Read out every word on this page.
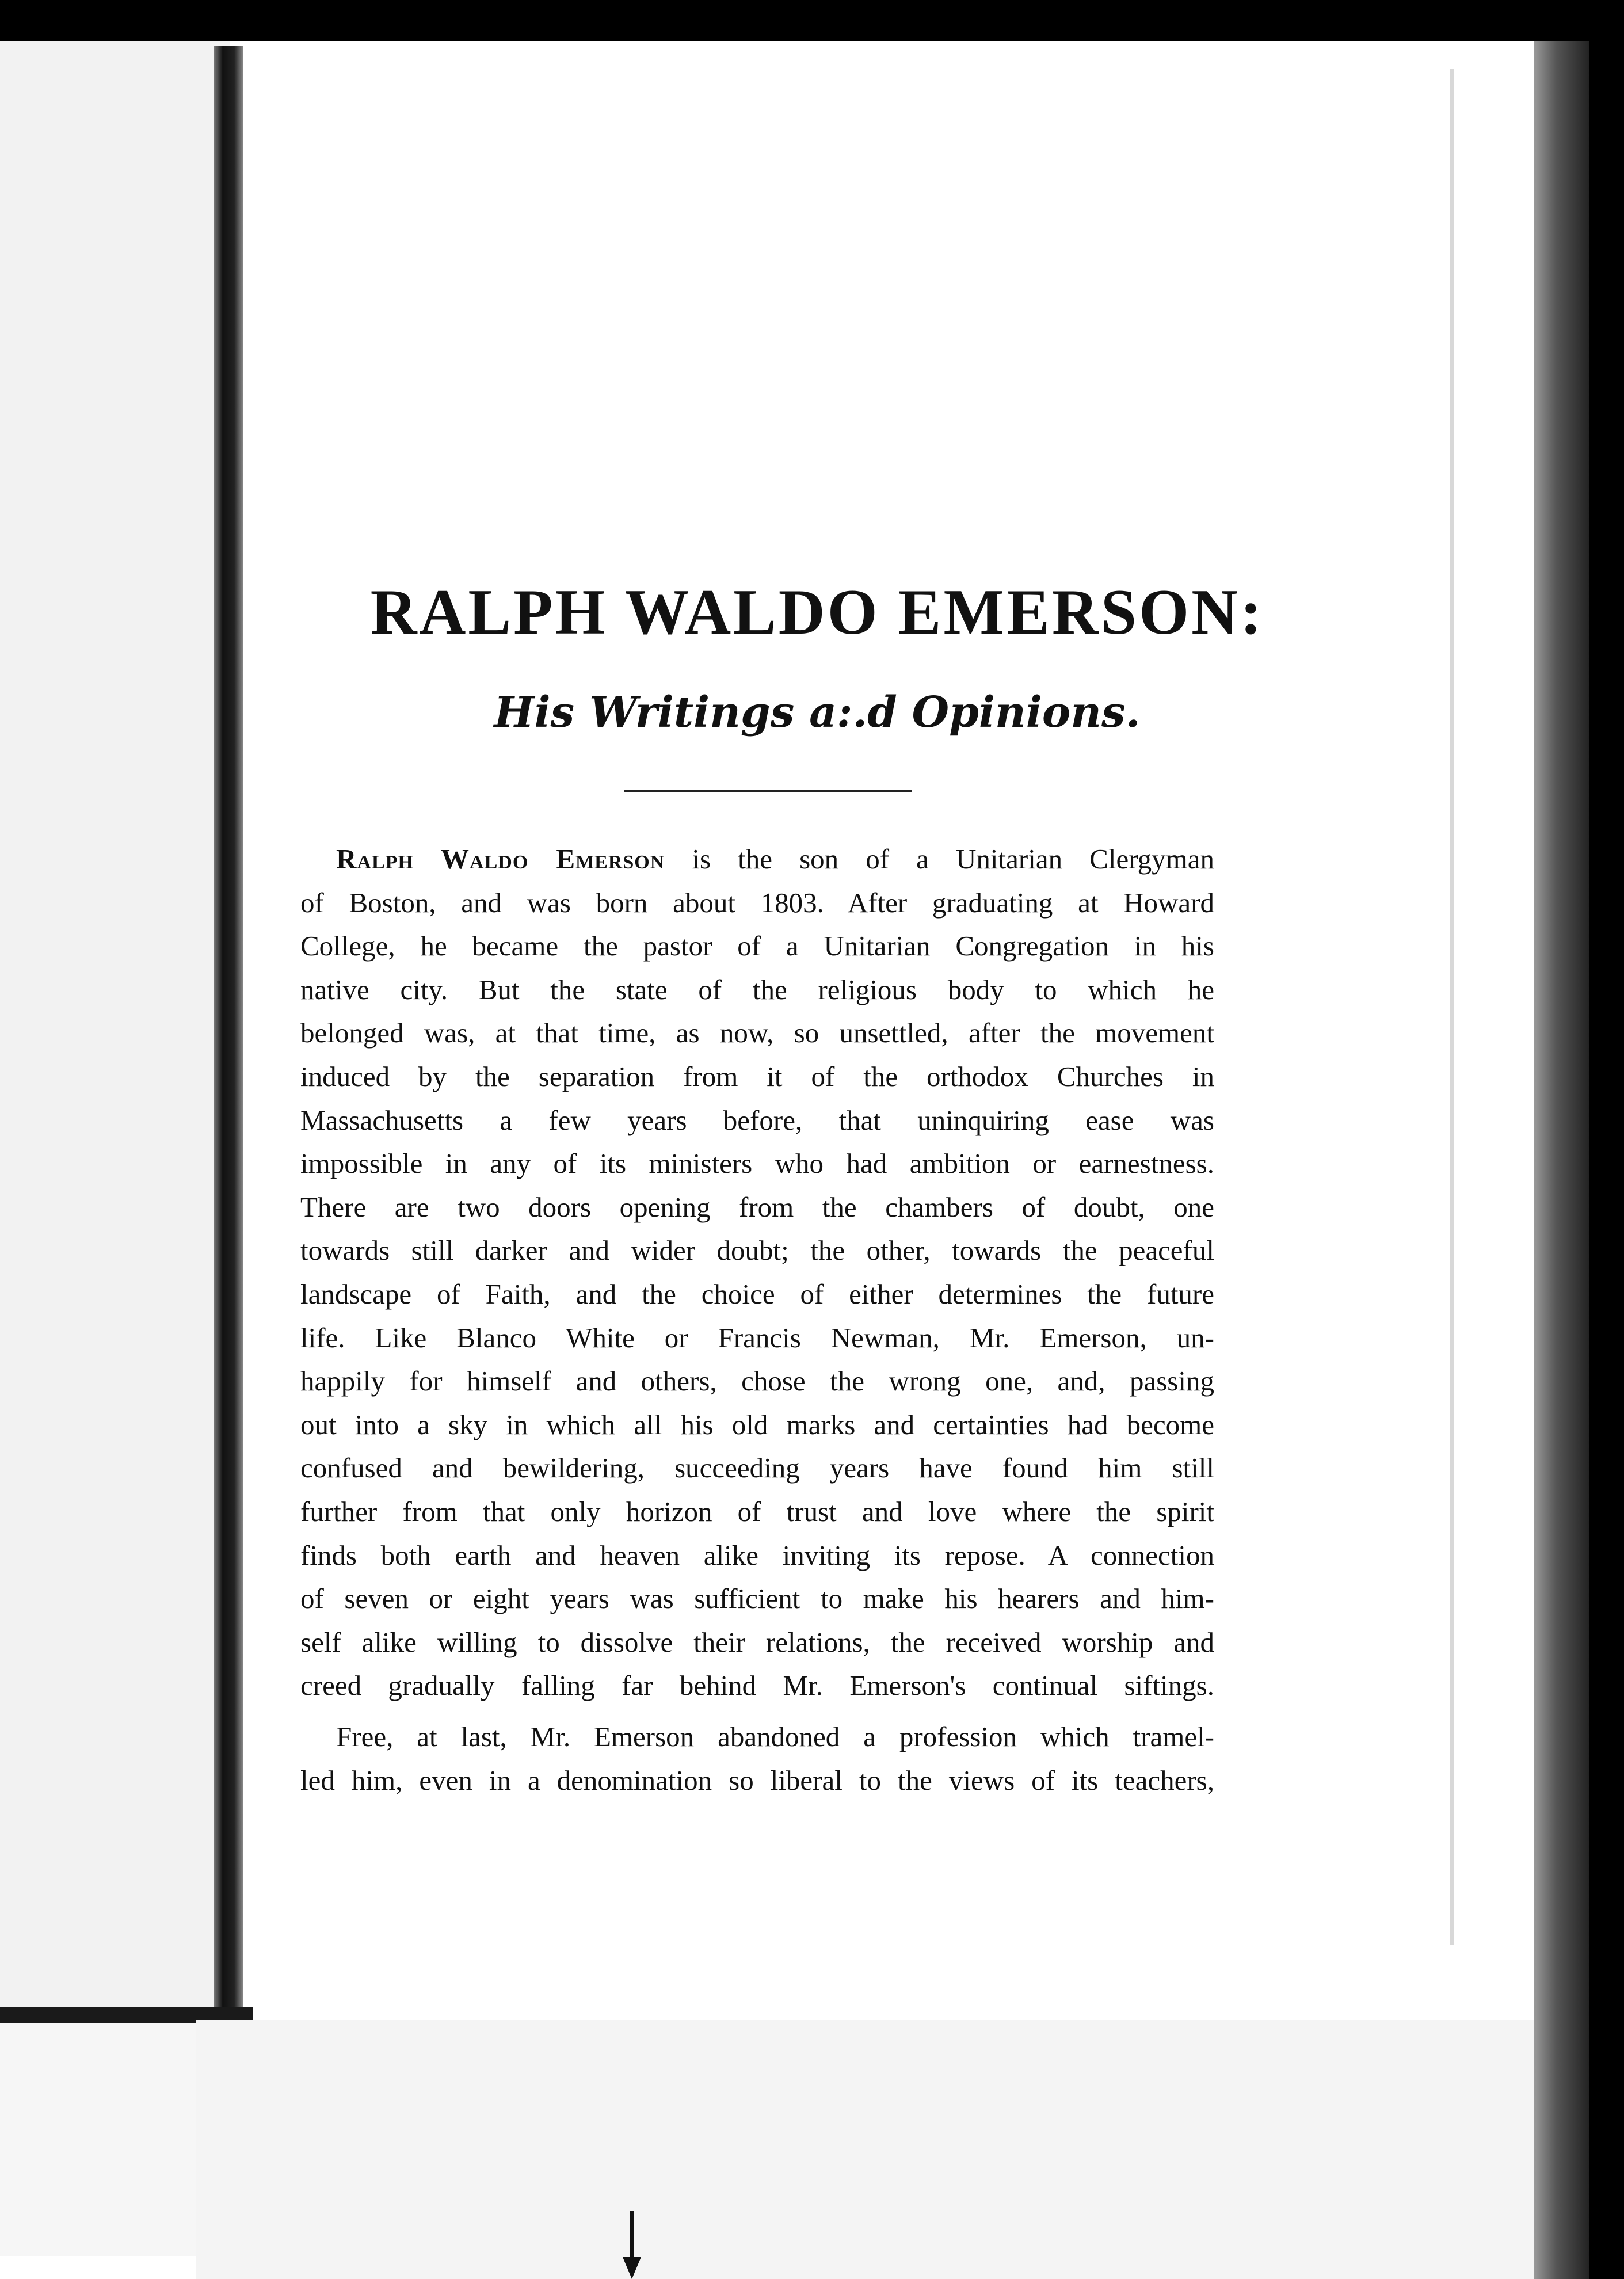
RALPH WALDO EMERSON:
His Writings a:.d Opinions.
Ralph Waldo Emerson is the son of a Unitarian Clergyman
of Boston, and was born about 1803. After graduating at Howard
College, he became the pastor of a Unitarian Congregation in his
native city. But the state of the religious body to which he
belonged was, at that time, as now, so unsettled, after the movement
induced by the separation from it of the orthodox Churches in
Massachusetts a few years before, that uninquiring ease was
impossible in any of its ministers who had ambition or earnestness.
There are two doors opening from the chambers of doubt, one
towards still darker and wider doubt; the other, towards the peaceful
landscape of Faith, and the choice of either determines the future
life. Like Blanco White or Francis Newman, Mr. Emerson, un-
happily for himself and others, chose the wrong one, and, passing
out into a sky in which all his old marks and certainties had become
confused and bewildering, succeeding years have found him still
further from that only horizon of trust and love where the spirit
finds both earth and heaven alike inviting its repose. A connection
of seven or eight years was sufficient to make his hearers and him-
self alike willing to dissolve their relations, the received worship and
creed gradually falling far behind Mr. Emerson's continual siftings.
Free, at last, Mr. Emerson abandoned a profession which tramel-
led him, even in a denomination so liberal to the views of its teachers,
